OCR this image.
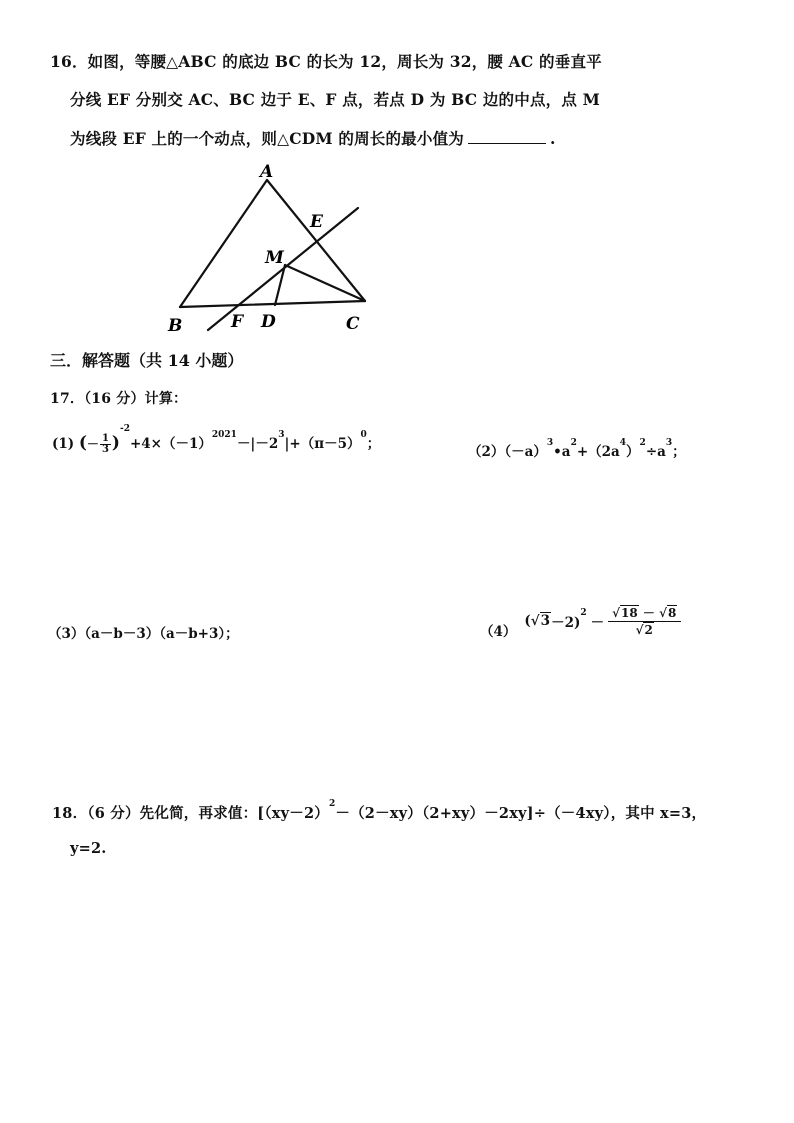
16．如图，等腰△ABC 的底边 BC 的长为 12，周长为 32，腰 AC 的垂直平
分线 EF 分别交 AC、BC 边于 E、F 点，若点 D 为 BC 边的中点，点 M
为线段 EF 上的一个动点，则△CDM 的周长的最小值为	.
A
E
M
B	F D	C
三．解答题（共 14 小题）
17．（16 分）计算：
(1) (－ $\frac{1}{3} )^{-2}+4\times(-1)^{2021}-|-2^3|+(\pi-5)^0$；	$(2)(-a)^3•a^2+(2a^4)^2\div a^3$；
（3）（a－b－3）（a－b+3）；	（4）
( √3 －2)
$^2$
－ $\frac{√18 - √8}{√2}$
18．（6 分）先化简，再求值：$[(xy-2)^2-(2-xy)(2+xy)-2xy]\div(-4xy)$，其中 x=3，
y=2.
